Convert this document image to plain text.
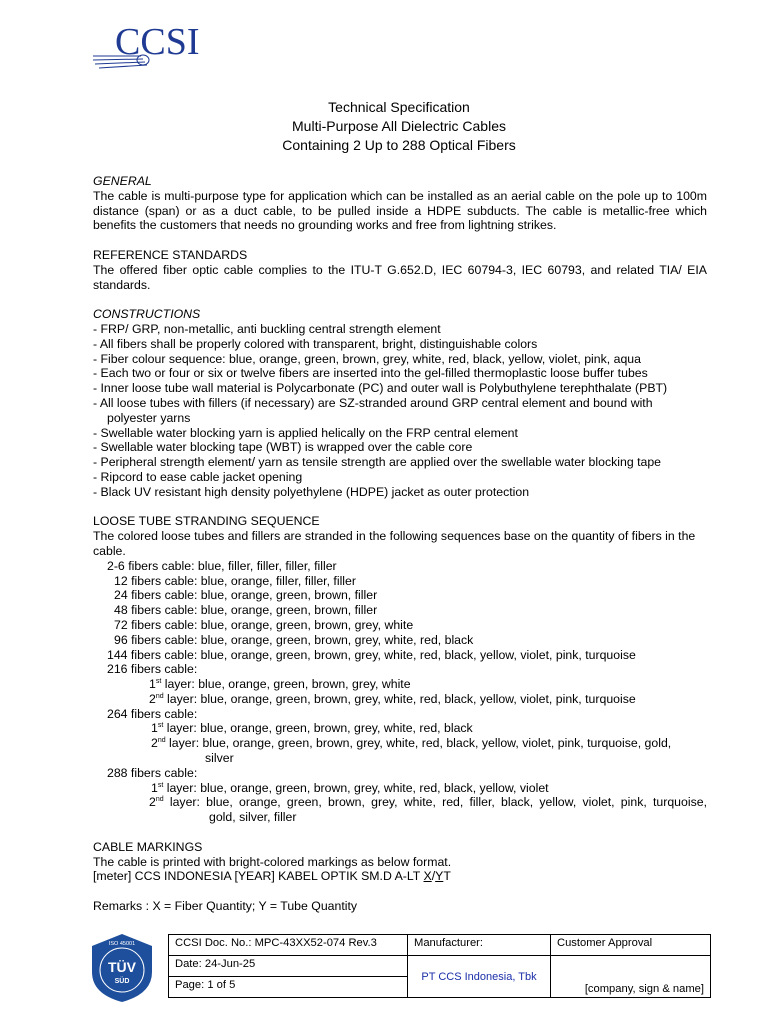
CCSI
Technical Specification
Multi-Purpose All Dielectric Cables
Containing 2 Up to 288 Optical Fibers

GENERAL

The cable is multi-purpose type for application which can be installed as an aerial cable on the pole up to 100m distance (span) or as a duct cable, to be pulled inside a HDPE subducts. The cable is metallic-free which benefits the customers that needs no grounding works and free from lightning strikes.

REFERENCE STANDARDS

The offered fiber optic cable complies to the ITU-T G.652.D, IEC 60794-3, IEC 60793, and related TIA/ EIA standards.

CONSTRUCTIONS

- FRP/ GRP, non-metallic, anti buckling central strength element
- All fibers shall be properly colored with transparent, bright, distinguishable colors
- Fiber colour sequence: blue, orange, green, brown, grey, white, red, black, yellow, violet, pink, aqua
- Each two or four or six or twelve fibers are inserted into the gel-filled thermoplastic loose buffer tubes
- Inner loose tube wall material is Polycarbonate (PC) and outer wall is Polybuthylene terephthalate (PBT)
- All loose tubes with fillers (if necessary) are SZ-stranded around GRP central element and bound with
polyester yarns
- Swellable water blocking yarn is applied helically on the FRP central element
- Swellable water blocking tape (WBT) is wrapped over the cable core
- Peripheral strength element/ yarn as tensile strength are applied over the swellable water blocking tape
- Ripcord to ease cable jacket opening
- Black UV resistant high density polyethylene (HDPE) jacket as outer protection

LOOSE TUBE STRANDING SEQUENCE

The colored loose tubes and fillers are stranded in the following sequences base on the quantity of fibers in the cable.

2-6 fibers cable: blue, filler, filler, filler, filler
12 fibers cable: blue, orange, filler, filler, filler
24 fibers cable: blue, orange, green, brown, filler
48 fibers cable: blue, orange, green, brown, filler
72 fibers cable: blue, orange, green, brown, grey, white
96 fibers cable: blue, orange, green, brown, grey, white, red, black
144 fibers cable: blue, orange, green, brown, grey, white, red, black, yellow, violet, pink, turquoise
216 fibers cable:
1st layer: blue, orange, green, brown, grey, white
2nd layer: blue, orange, green, brown, grey, white, red, black, yellow, violet, pink, turquoise
264 fibers cable:
1st layer: blue, orange, green, brown, grey, white, red, black
2nd layer: blue, orange, green, brown, grey, white, red, black, yellow, violet, pink, turquoise, gold,
silver
288 fibers cable:
1st layer: blue, orange, green, brown, grey, white, red, black, yellow, violet
2nd layer: blue, orange, green, brown, grey, white, red, filler, black, yellow, violet, pink, turquoise,
gold, silver, filler

CABLE MARKINGS

The cable is printed with bright-colored markings as below format.

[meter] CCS INDONESIA [YEAR] KABEL OPTIK SM.D A-LT X/YT

Remarks : X = Fiber Quantity; Y = Tube Quantity

ISO 45001
TÜV
SÜD
CCSI Doc. No.: MPC-43XX52-074 Rev.3	Manufacturer:	Customer Approval
Date: 24-Jun-25	PT CCS Indonesia, Tbk	[company, sign & name]
Page: 1 of 5		
